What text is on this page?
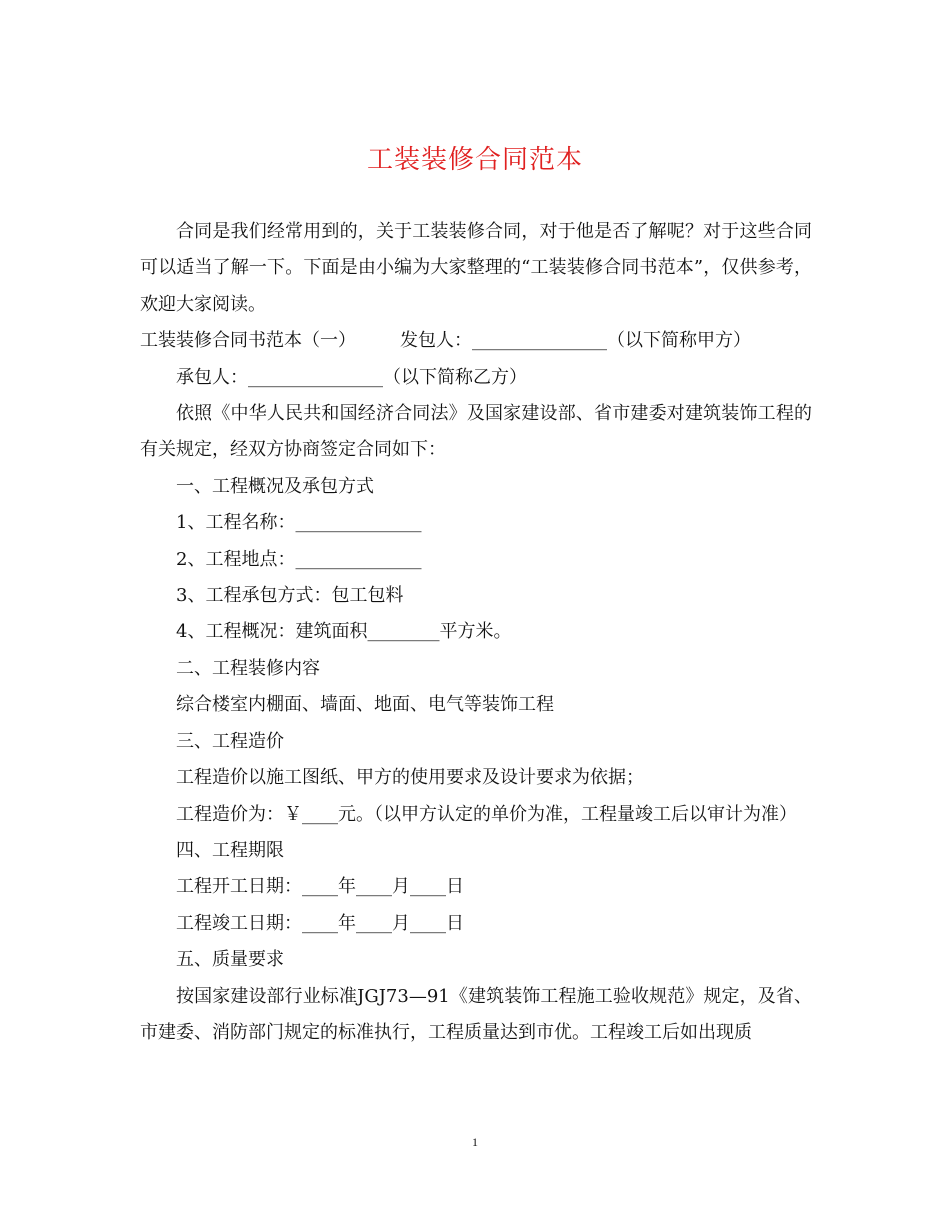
工装装修合同范本

合同是我们经常用到的，关于工装装修合同，对于他是否了解呢？对于这些合同可以适当了解一下。下面是由小编为大家整理的“工装装修合同书范本”，仅供参考，欢迎大家阅读。

工装装修合同书范本（一） 发包人：_______________（以下简称甲方）

承包人：_______________（以下简称乙方）

依照《中华人民共和国经济合同法》及国家建设部、省市建委对建筑装饰工程的有关规定，经双方协商签定合同如下：

一、工程概况及承包方式

1、工程名称：______________

2、工程地点：______________

3、工程承包方式：包工包料

4、工程概况：建筑面积________平方米。

二、工程装修内容

综合楼室内棚面、墙面、地面、电气等装饰工程

三、工程造价

工程造价以施工图纸、甲方的使用要求及设计要求为依据；

工程造价为：￥____元。（以甲方认定的单价为准，工程量竣工后以审计为准）

四、工程期限

工程开工日期：____年____月____日

工程竣工日期：____年____月____日

五、质量要求

按国家建设部行业标准JGJ73—91《建筑装饰工程施工验收规范》规定，及省、市建委、消防部门规定的标准执行，工程质量达到市优。工程竣工后如出现质

1
